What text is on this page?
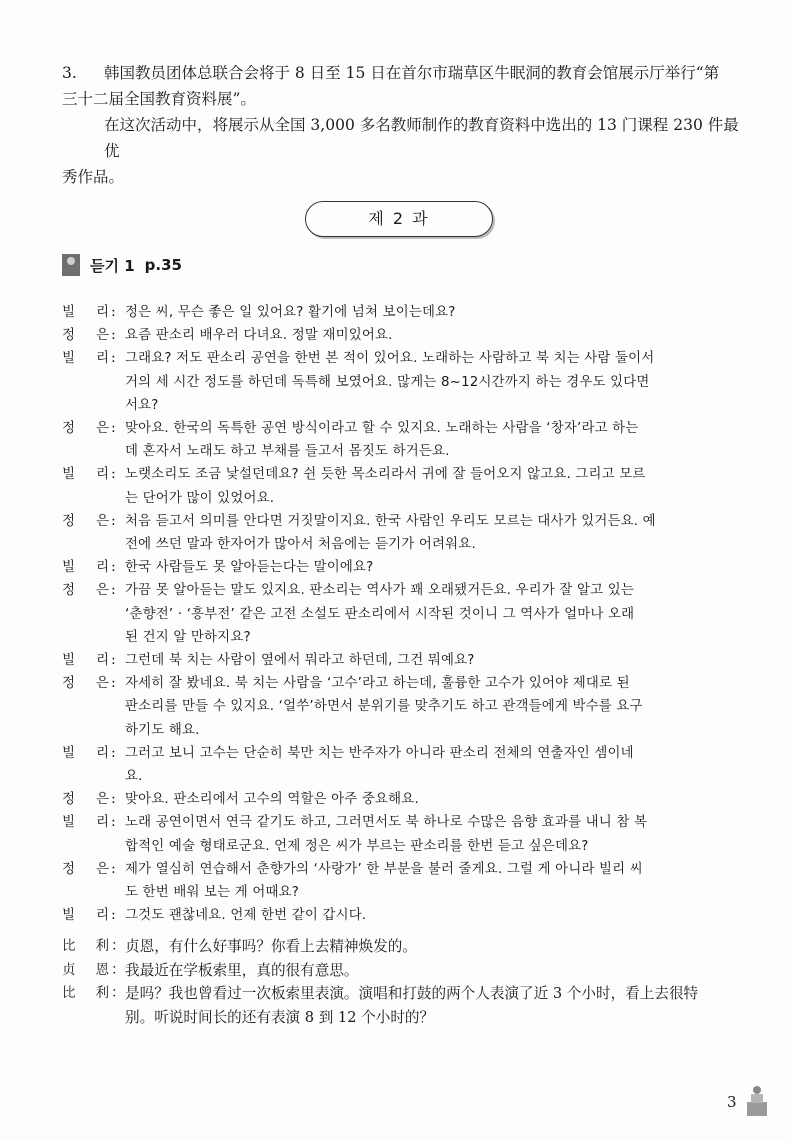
3. 韩国教员团体总联合会将于 8 日至 15 日在首尔市瑞草区牛眠洞的教育会馆展示厅举行“第

三十二届全国教育资料展”。

在这次活动中，将展示从全国 3,000 多名教师制作的教育资料中选出的 13 门课程 230 件最优

秀作品。

제 2 과
듣기 1 p.35
빌 리 : 정은 씨, 무슨 좋은 일 있어요? 활기에 넘쳐 보이는데요?
정 은 : 요즘 판소리 배우러 다녀요. 정말 재미있어요.
빌 리 : 그래요? 저도 판소리 공연을 한번 본 적이 있어요. 노래하는 사람하고 북 치는 사람 둘이서
거의 세 시간 정도를 하던데 독특해 보였어요. 많게는 8~12시간까지 하는 경우도 있다면
서요?
정 은 : 맞아요. 한국의 독특한 공연 방식이라고 할 수 있지요. 노래하는 사람을 ‘창자’라고 하는
데 혼자서 노래도 하고 부채를 들고서 몸짓도 하거든요.
빌 리 : 노랫소리도 조금 낯설던데요? 쉰 듯한 목소리라서 귀에 잘 들어오지 않고요. 그리고 모르
는 단어가 많이 있었어요.
정 은 : 처음 듣고서 의미를 안다면 거짓말이지요. 한국 사람인 우리도 모르는 대사가 있거든요. 예
전에 쓰던 말과 한자어가 많아서 처음에는 듣기가 어려워요.
빌 리 : 한국 사람들도 못 알아듣는다는 말이에요?
정 은 : 가끔 못 알아듣는 말도 있지요. 판소리는 역사가 꽤 오래됐거든요. 우리가 잘 알고 있는
‘춘향전’ · ‘흥부전’ 같은 고전 소설도 판소리에서 시작된 것이니 그 역사가 얼마나 오래
된 건지 알 만하지요?
빌 리 : 그런데 북 치는 사람이 옆에서 뭐라고 하던데, 그건 뭐예요?
정 은 : 자세히 잘 봤네요. 북 치는 사람을 ‘고수’라고 하는데, 훌륭한 고수가 있어야 제대로 된
판소리를 만들 수 있지요. ‘얼쑤’하면서 분위기를 맞추기도 하고 관객들에게 박수를 요구
하기도 해요.
빌 리 : 그러고 보니 고수는 단순히 북만 치는 반주자가 아니라 판소리 전체의 연출자인 셈이네
요.
정 은 : 맞아요. 판소리에서 고수의 역할은 아주 중요해요.
빌 리 : 노래 공연이면서 연극 같기도 하고, 그러면서도 북 하나로 수많은 음향 효과를 내니 참 복
합적인 예술 형태로군요. 언제 정은 씨가 부르는 판소리를 한번 듣고 싶은데요?
정 은 : 제가 열심히 연습해서 춘향가의 ‘사랑가’ 한 부분을 불러 줄게요. 그럴 게 아니라 빌리 씨
도 한번 배워 보는 게 어때요?
빌 리 : 그것도 괜찮네요. 언제 한번 같이 갑시다.
比 利 ： 贞恩，有什么好事吗？你看上去精神焕发的。
贞 恩 ： 我最近在学板索里，真的很有意思。
比 利 ： 是吗？我也曾看过一次板索里表演。演唱和打鼓的两个人表演了近 3 个小时，看上去很特
别。听说时间长的还有表演 8 到 12 个小时的？
3
